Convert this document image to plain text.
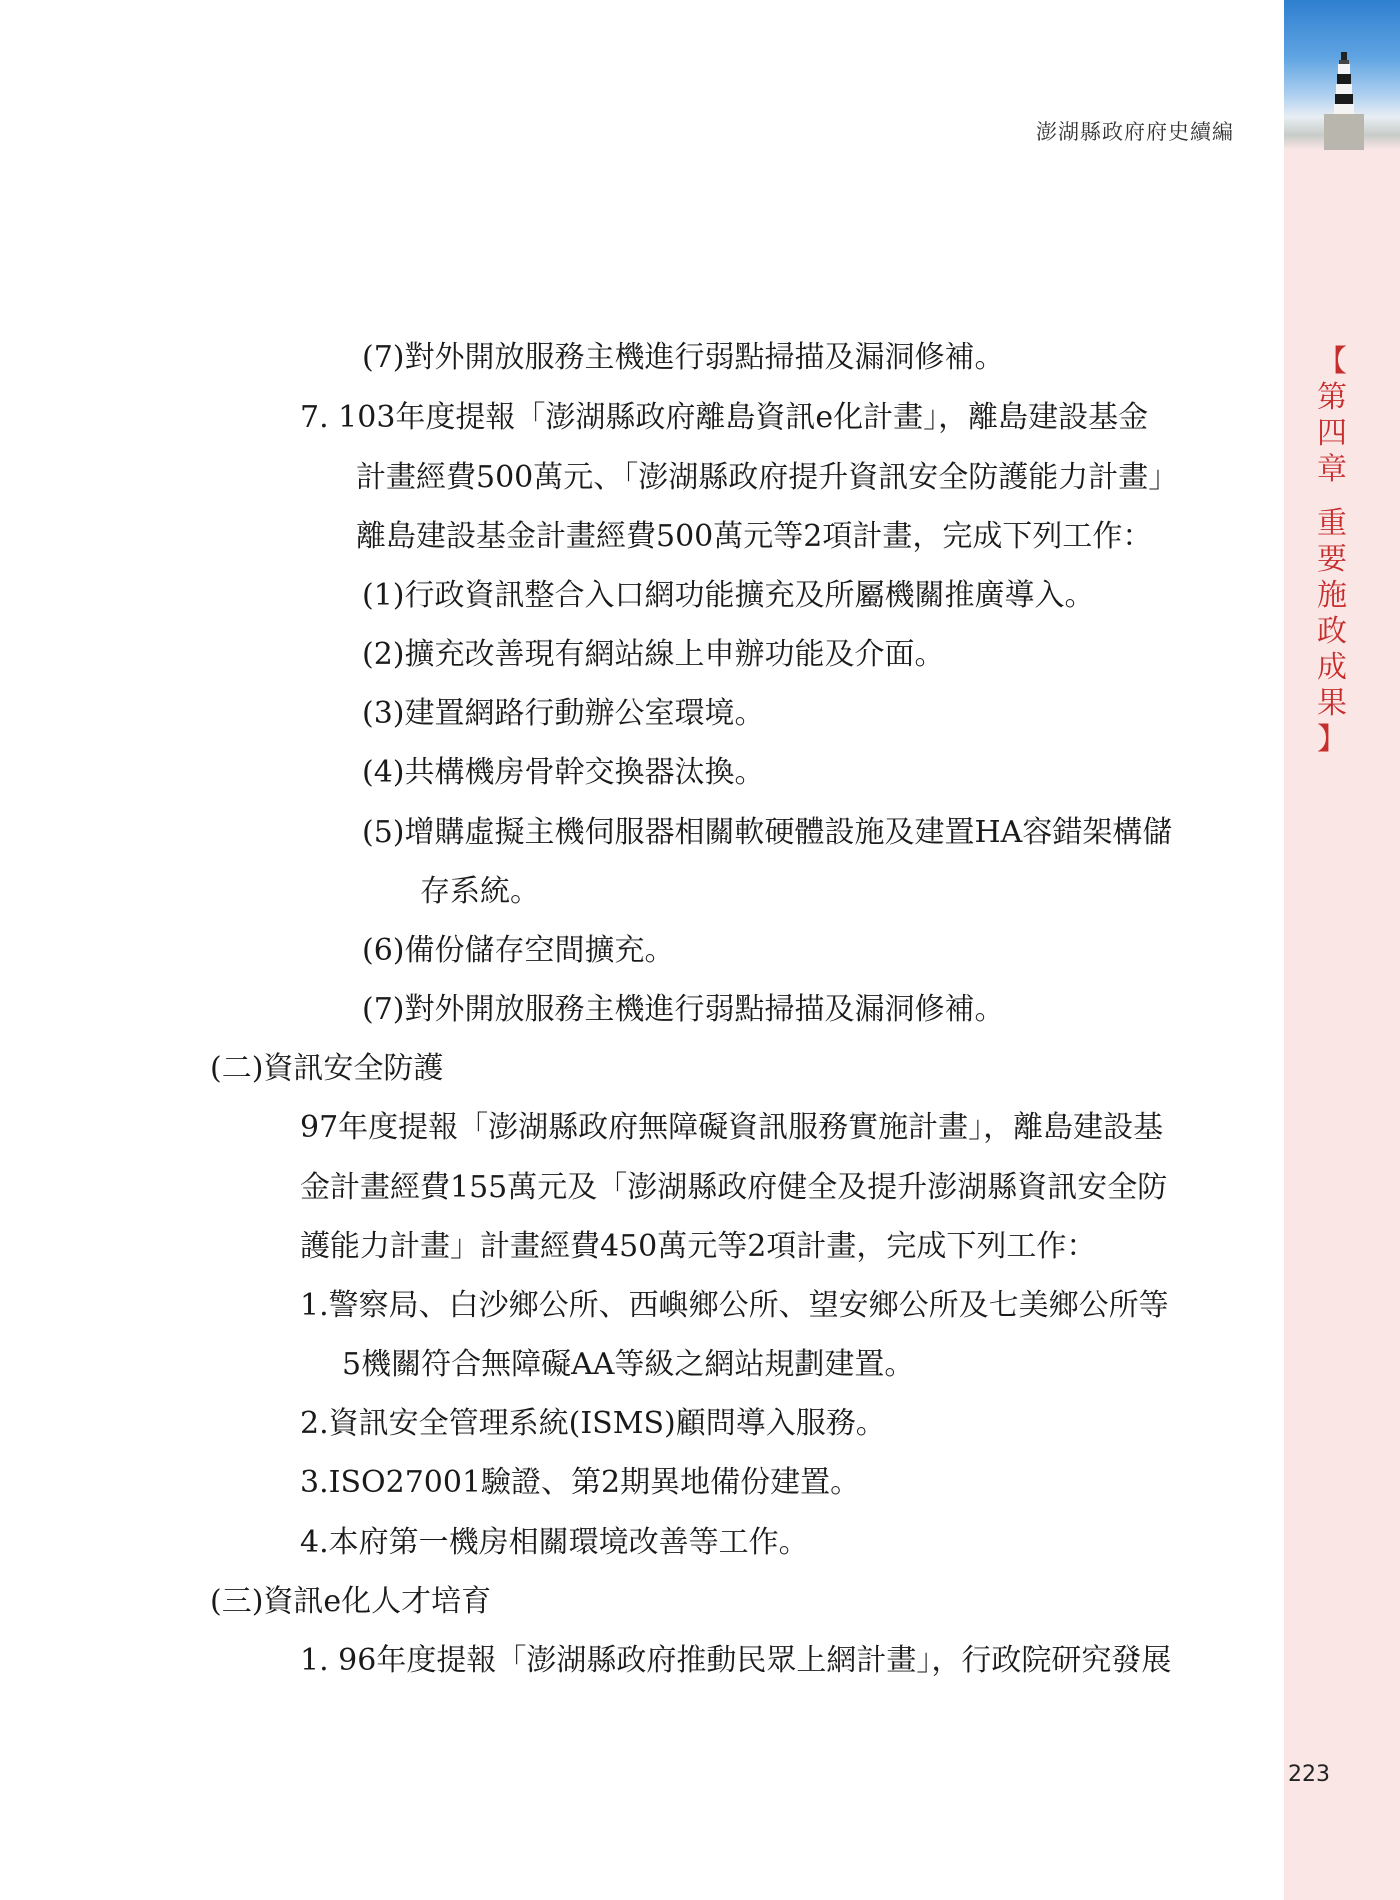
澎湖縣政府府史續編
【
第
四
章
重
要
施
政
成
果
】
(7)對外開放服務主機進行弱點掃描及漏洞修補。
7. 103年度提報「澎湖縣政府離島資訊e化計畫」，離島建設基金
計畫經費500萬元、「澎湖縣政府提升資訊安全防護能力計畫」
離島建設基金計畫經費500萬元等2項計畫，完成下列工作：
(1)行政資訊整合入口網功能擴充及所屬機關推廣導入。
(2)擴充改善現有網站線上申辦功能及介面。
(3)建置網路行動辦公室環境。
(4)共構機房骨幹交換器汰換。
(5)增購虛擬主機伺服器相關軟硬體設施及建置HA容錯架構儲
存系統。
(6)備份儲存空間擴充。
(7)對外開放服務主機進行弱點掃描及漏洞修補。
(二)資訊安全防護
97年度提報「澎湖縣政府無障礙資訊服務實施計畫」，離島建設基
金計畫經費155萬元及「澎湖縣政府健全及提升澎湖縣資訊安全防
護能力計畫」計畫經費450萬元等2項計畫，完成下列工作：
1.警察局、白沙鄉公所、西嶼鄉公所、望安鄉公所及七美鄉公所等
5機關符合無障礙AA等級之網站規劃建置。
2.資訊安全管理系統(ISMS)顧問導入服務。
3.ISO27001驗證、第2期異地備份建置。
4.本府第一機房相關環境改善等工作。
(三)資訊e化人才培育
1. 96年度提報「澎湖縣政府推動民眾上網計畫」，行政院研究發展
223
